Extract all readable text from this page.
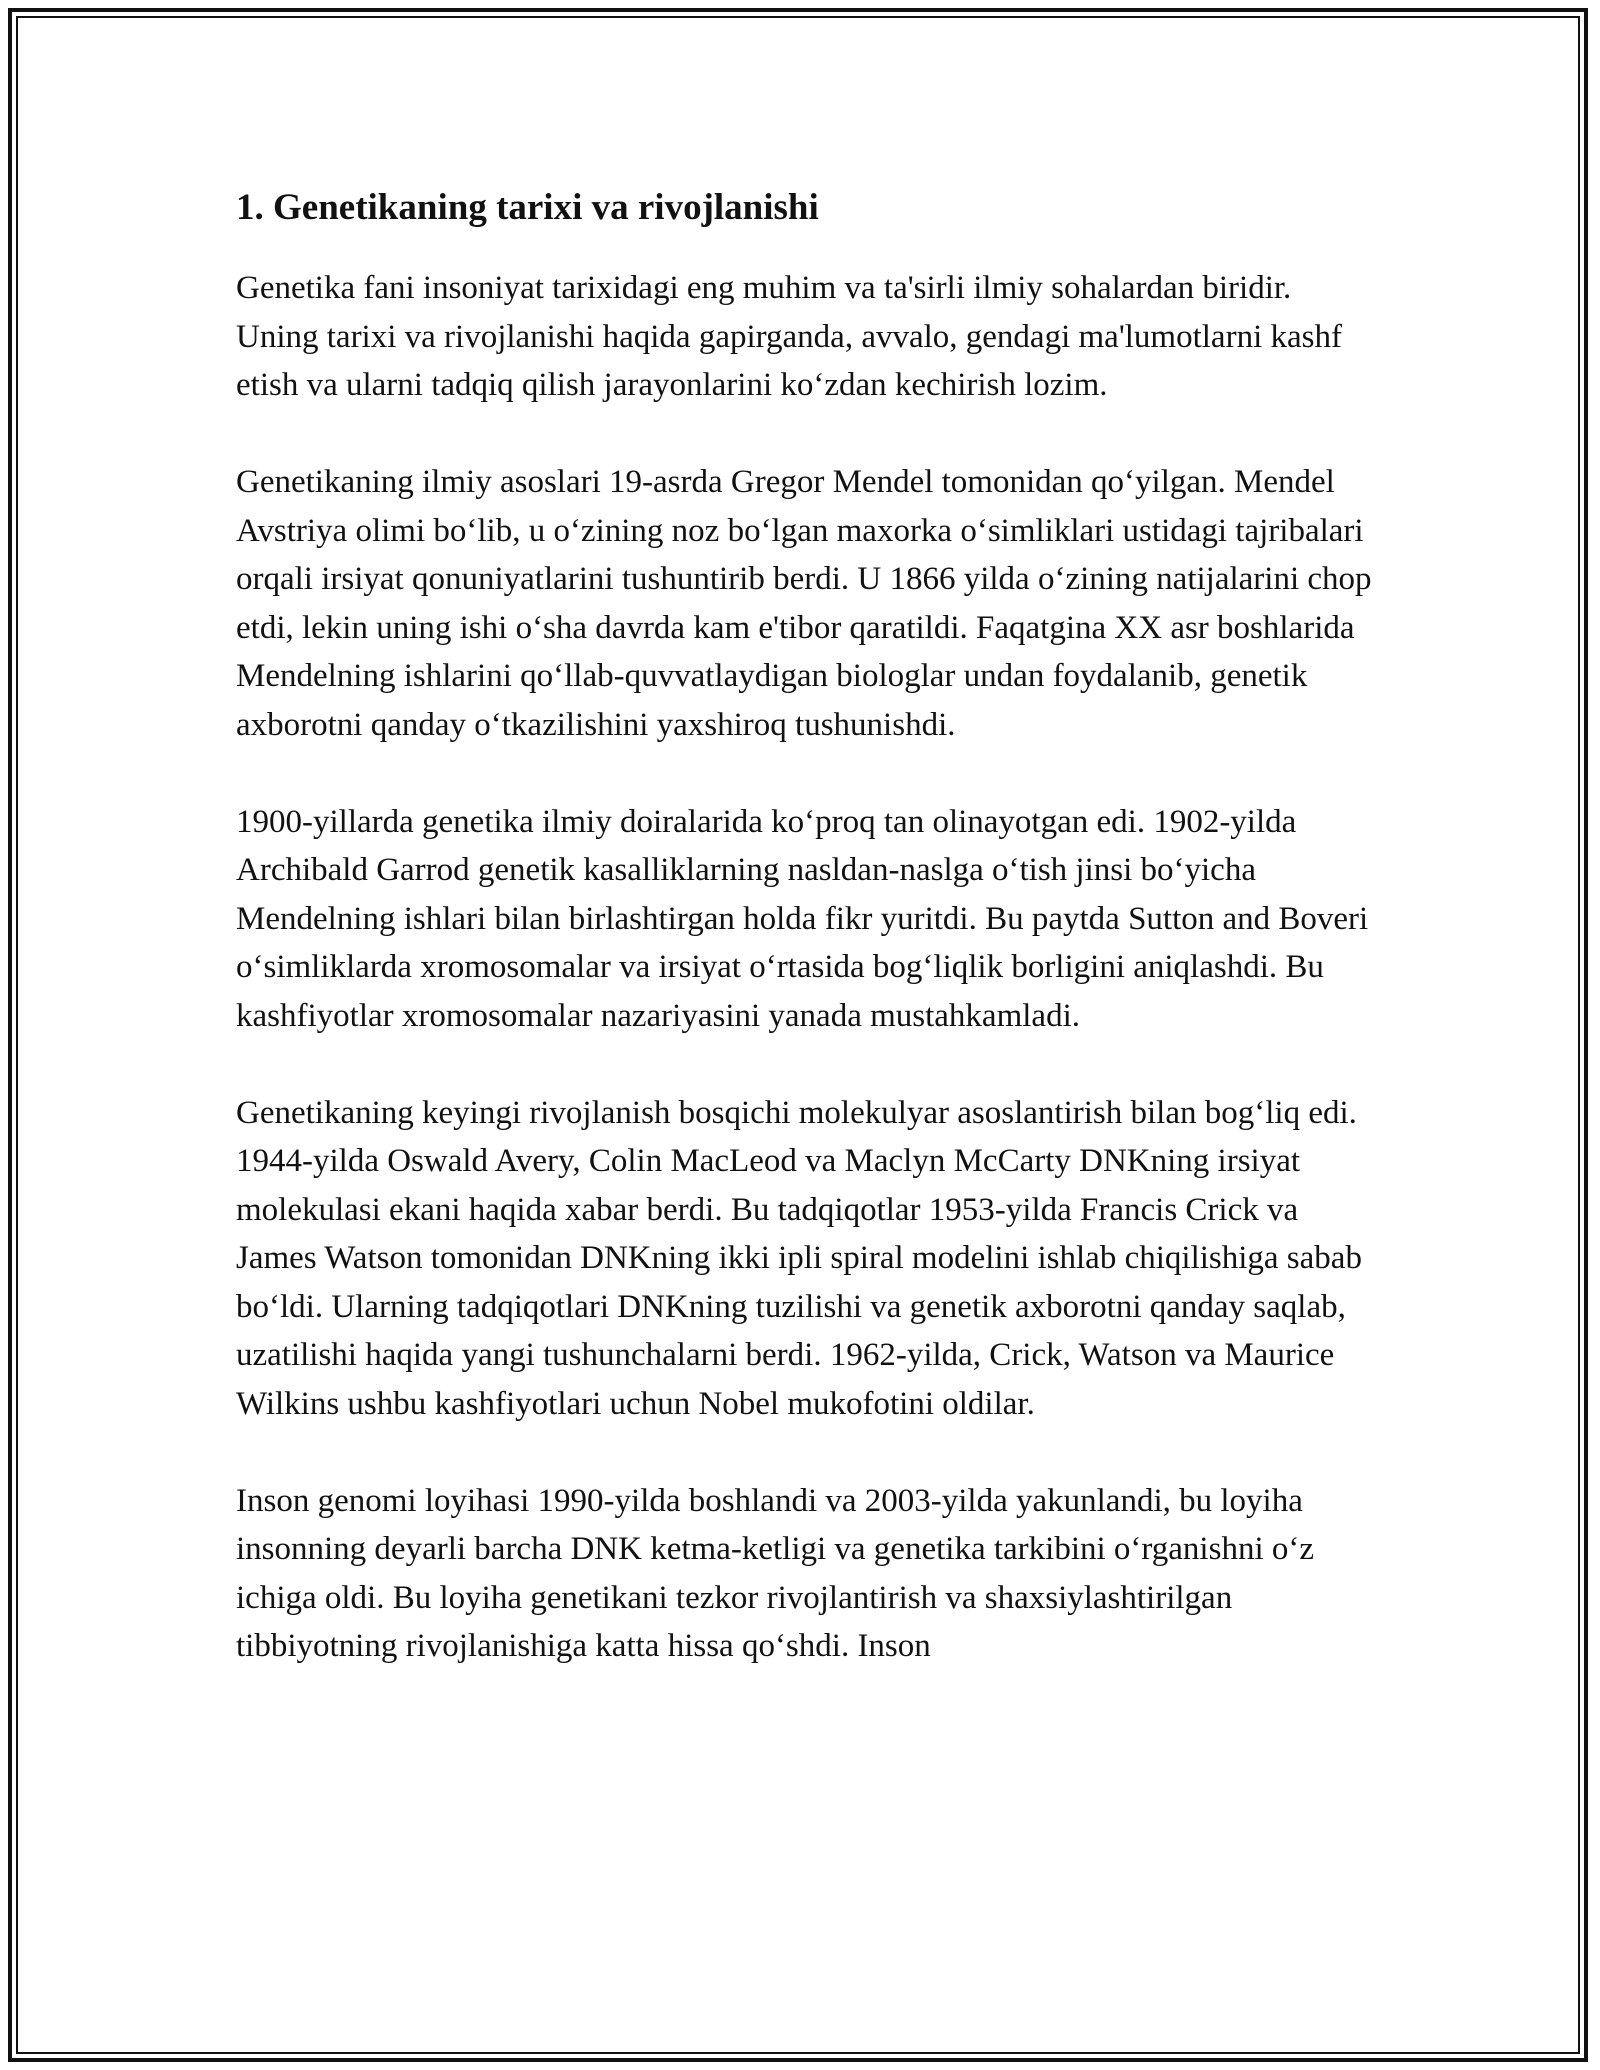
1. Genetikaning tarixi va rivojlanishi

Genetika fani insoniyat tarixidagi eng muhim va ta'sirli ilmiy sohalardan biridir. Uning tarixi va rivojlanishi haqida gapirganda, avvalo, gendagi ma'lumotlarni kashf etish va ularni tadqiq qilish jarayonlarini ko‘zdan kechirish lozim.

Genetikaning ilmiy asoslari 19-asrda Gregor Mendel tomonidan qo‘yilgan. Mendel Avstriya olimi bo‘lib, u o‘zining noz bo‘lgan maxorka o‘simliklari ustidagi tajribalari orqali irsiyat qonuniyatlarini tushuntirib berdi. U 1866 yilda o‘zining natijalarini chop etdi, lekin uning ishi o‘sha davrda kam e'tibor qaratildi. Faqatgina XX asr boshlarida Mendelning ishlarini qo‘llab-quvvatlaydigan biologlar undan foydalanib, genetik axborotni qanday o‘tkazilishini yaxshiroq tushunishdi.

1900-yillarda genetika ilmiy doiralarida ko‘proq tan olinayotgan edi. 1902-yilda Archibald Garrod genetik kasalliklarning nasldan-naslga o‘tish jinsi bo‘yicha Mendelning ishlari bilan birlashtirgan holda fikr yuritdi. Bu paytda Sutton and Boveri o‘simliklarda xromosomalar va irsiyat o‘rtasida bog‘liqlik borligini aniqlashdi. Bu kashfiyotlar xromosomalar nazariyasini yanada mustahkamladi.

Genetikaning keyingi rivojlanish bosqichi molekulyar asoslantirish bilan bog‘liq edi. 1944-yilda Oswald Avery, Colin MacLeod va Maclyn McCarty DNKning irsiyat molekulasi ekani haqida xabar berdi. Bu tadqiqotlar 1953-yilda Francis Crick va James Watson tomonidan DNKning ikki ipli spiral modelini ishlab chiqilishiga sabab bo‘ldi. Ularning tadqiqotlari DNKning tuzilishi va genetik axborotni qanday saqlab, uzatilishi haqida yangi tushunchalarni berdi. 1962-yilda, Crick, Watson va Maurice Wilkins ushbu kashfiyotlari uchun Nobel mukofotini oldilar.

Inson genomi loyihasi 1990-yilda boshlandi va 2003-yilda yakunlandi, bu loyiha insonning deyarli barcha DNK ketma-ketligi va genetika tarkibini o‘rganishni o‘z ichiga oldi. Bu loyiha genetikani tezkor rivojlantirish va shaxsiylashtirilgan tibbiyotning rivojlanishiga katta hissa qo‘shdi. Inson
